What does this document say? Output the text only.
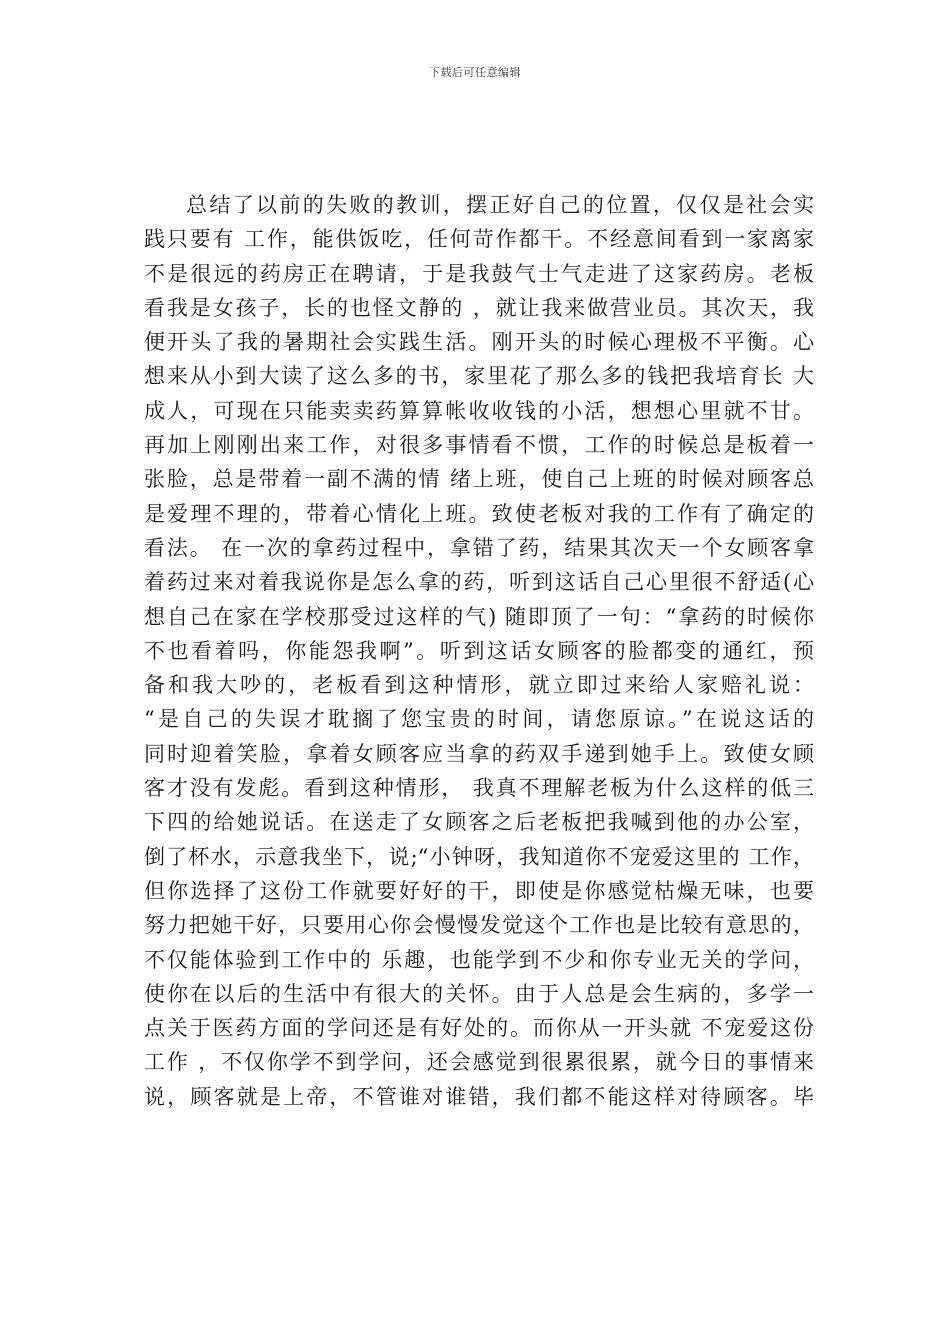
下载后可任意编辑
总结了以前的失败的教训，摆正好自己的位置，仅仅是社会实
践只要有 工作，能供饭吃，任何苛作都干。不经意间看到一家离家
不是很远的药房正在聘请，于是我鼓气士气走进了这家药房。老板
看我是女孩子，长的也怪文静的 ，就让我来做营业员。其次天，我
便开头了我的暑期社会实践生活。刚开头的时候心理极不平衡。心
想来从小到大读了这么多的书，家里花了那么多的钱把我培育长 大
成人，可现在只能卖卖药算算帐收收钱的小活，想想心里就不甘。
再加上刚刚出来工作，对很多事情看不惯，工作的时候总是板着一
张脸，总是带着一副不满的情 绪上班，使自己上班的时候对顾客总
是爱理不理的，带着心情化上班。致使老板对我的工作有了确定的
看法。 在一次的拿药过程中，拿错了药，结果其次天一个女顾客拿
着药过来对着我说你是怎么拿的药，听到这话自己心里很不舒适(心
想自己在家在学校那受过这样的气) 随即顶了一句：“拿药的时候你
不也看着吗，你能怨我啊”。听到这话女顾客的脸都变的通红，预
备和我大吵的，老板看到这种情形，就立即过来给人家赔礼说：
“是自己的失误才耽搁了您宝贵的时间，请您原谅。”在说这话的
同时迎着笑脸，拿着女顾客应当拿的药双手递到她手上。致使女顾
客才没有发彪。看到这种情形， 我真不理解老板为什么这样的低三
下四的给她说话。在送走了女顾客之后老板把我喊到他的办公室，
倒了杯水，示意我坐下，说;“小钟呀，我知道你不宠爱这里的 工作，
但你选择了这份工作就要好好的干，即使是你感觉枯燥无味，也要
努力把她干好，只要用心你会慢慢发觉这个工作也是比较有意思的，
不仅能体验到工作中的 乐趣，也能学到不少和你专业无关的学问，
使你在以后的生活中有很大的关怀。由于人总是会生病的，多学一
点关于医药方面的学问还是有好处的。而你从一开头就 不宠爱这份
工作 ，不仅你学不到学问，还会感觉到很累很累，就今日的事情来
说，顾客就是上帝，不管谁对谁错，我们都不能这样对待顾客。毕
